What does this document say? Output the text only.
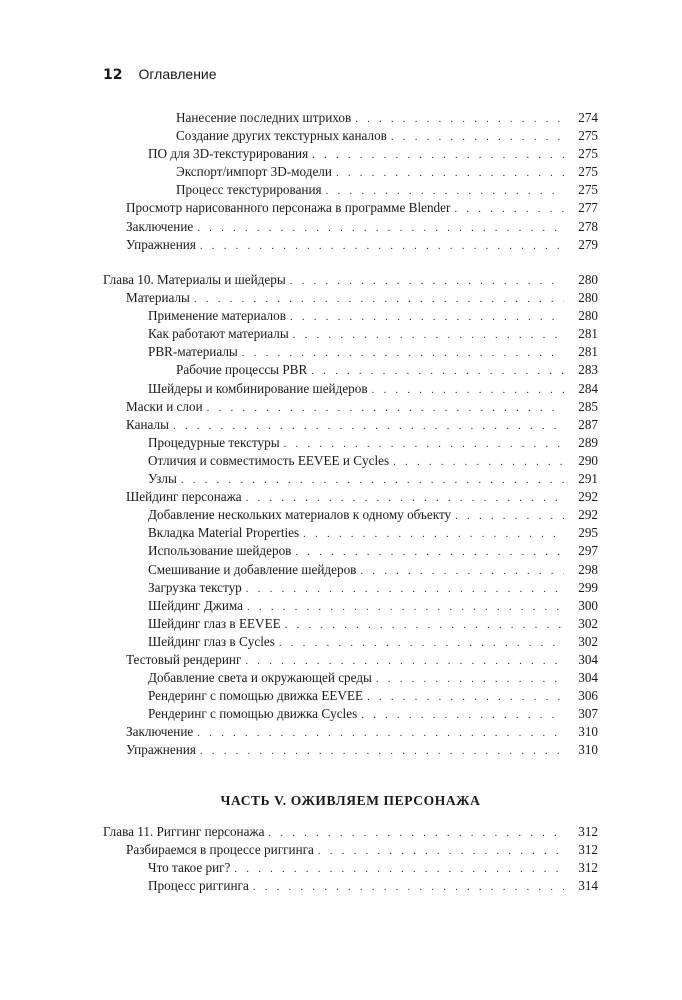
12 Оглавление
Нанесение последних штрихов . . .	274
Создание других текстурных каналов . . .	275
ПО для 3D-текстурирования . . .	275
Экспорт/импорт 3D-модели . . .	275
Процесс текстурирования . . .	275
Просмотр нарисованного персонажа в программе Blender . . .	277
Заключение . . .	278
Упражнения . . .	279
Глава 10. Материалы и шейдеры . . .	280
Материалы . . .	280
Применение материалов . . .	280
Как работают материалы . . .	281
PBR-материалы . . .	281
Рабочие процессы PBR . . .	283
Шейдеры и комбинирование шейдеров . . .	284
Маски и слои . . .	285
Каналы . . .	287
Процедурные текстуры . . .	289
Отличия и совместимость EEVEE и Cycles . . .	290
Узлы . . .	291
Шейдинг персонажа . . .	292
Добавление нескольких материалов к одному объекту . . .	292
Вкладка Material Properties . . .	295
Использование шейдеров . . .	297
Смешивание и добавление шейдеров . . .	298
Загрузка текстур . . .	299
Шейдинг Джима . . .	300
Шейдинг глаз в EEVEE . . .	302
Шейдинг глаз в Cycles . . .	302
Тестовый рендеринг . . .	304
Добавление света и окружающей среды . . .	304
Рендеринг с помощью движка EEVEE . . .	306
Рендеринг с помощью движка Cycles . . .	307
Заключение . . .	310
Упражнения . . .	310
ЧАСТЬ V. ОЖИВЛЯЕМ ПЕРСОНАЖА
Глава 11. Риггинг персонажа . . .	312
Разбираемся в процессе риггинга . . .	312
Что такое риг? . . .	312
Процесс риггинга . . .	314
